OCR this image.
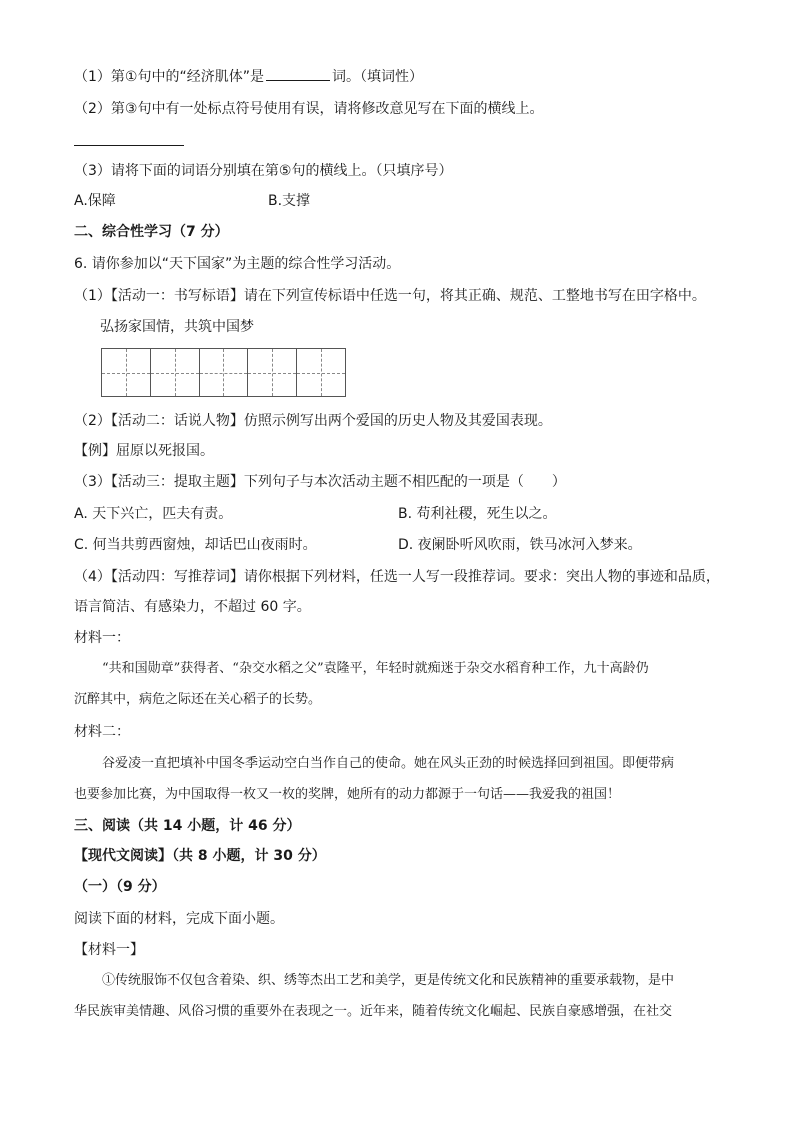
（1）第①句中的“经济肌体”是	词。（填词性）
（2）第③句中有一处标点符号使用有误，请将修改意见写在下面的横线上。
（3）请将下面的词语分别填在第⑤句的横线上。（只填序号）
A.保障	B.支撑
二、综合性学习（7 分）
6. 请你参加以“天下国家”为主题的综合性学习活动。
（1）【活动一：书写标语】请在下列宣传标语中任选一句，将其正确、规范、工整地书写在田字格中。
弘扬家国情，共筑中国梦
（2）【活动二：话说人物】仿照示例写出两个爱国的历史人物及其爱国表现。
【例】屈原以死报国。
（3）【活动三：提取主题】下列句子与本次活动主题不相匹配的一项是（　　）
A. 天下兴亡，匹夫有责。	B. 苟利社稷，死生以之。
C. 何当共剪西窗烛，却话巴山夜雨时。	D. 夜阑卧听风吹雨，铁马冰河入梦来。
（4）【活动四：写推荐词】请你根据下列材料，任选一人写一段推荐词。要求：突出人物的事迹和品质，
语言简洁、有感染力，不超过 60 字。
材料一：
“共和国勋章”获得者、“杂交水稻之父”袁隆平，年轻时就痴迷于杂交水稻育种工作，九十高龄仍
沉醉其中，病危之际还在关心稻子的长势。
材料二：
谷爱凌一直把填补中国冬季运动空白当作自己的使命。她在风头正劲的时候选择回到祖国。即便带病
也要参加比赛，为中国取得一枚又一枚的奖牌，她所有的动力都源于一句话——我爱我的祖国！
三、阅读（共 14 小题，计 46 分）
【现代文阅读】（共 8 小题，计 30 分）
（一）（9 分）
阅读下面的材料，完成下面小题。
【材料一】
①传统服饰不仅包含着染、织、绣等杰出工艺和美学，更是传统文化和民族精神的重要承载物，是中
华民族审美情趣、风俗习惯的重要外在表现之一。近年来，随着传统文化崛起、民族自豪感增强，在社交
